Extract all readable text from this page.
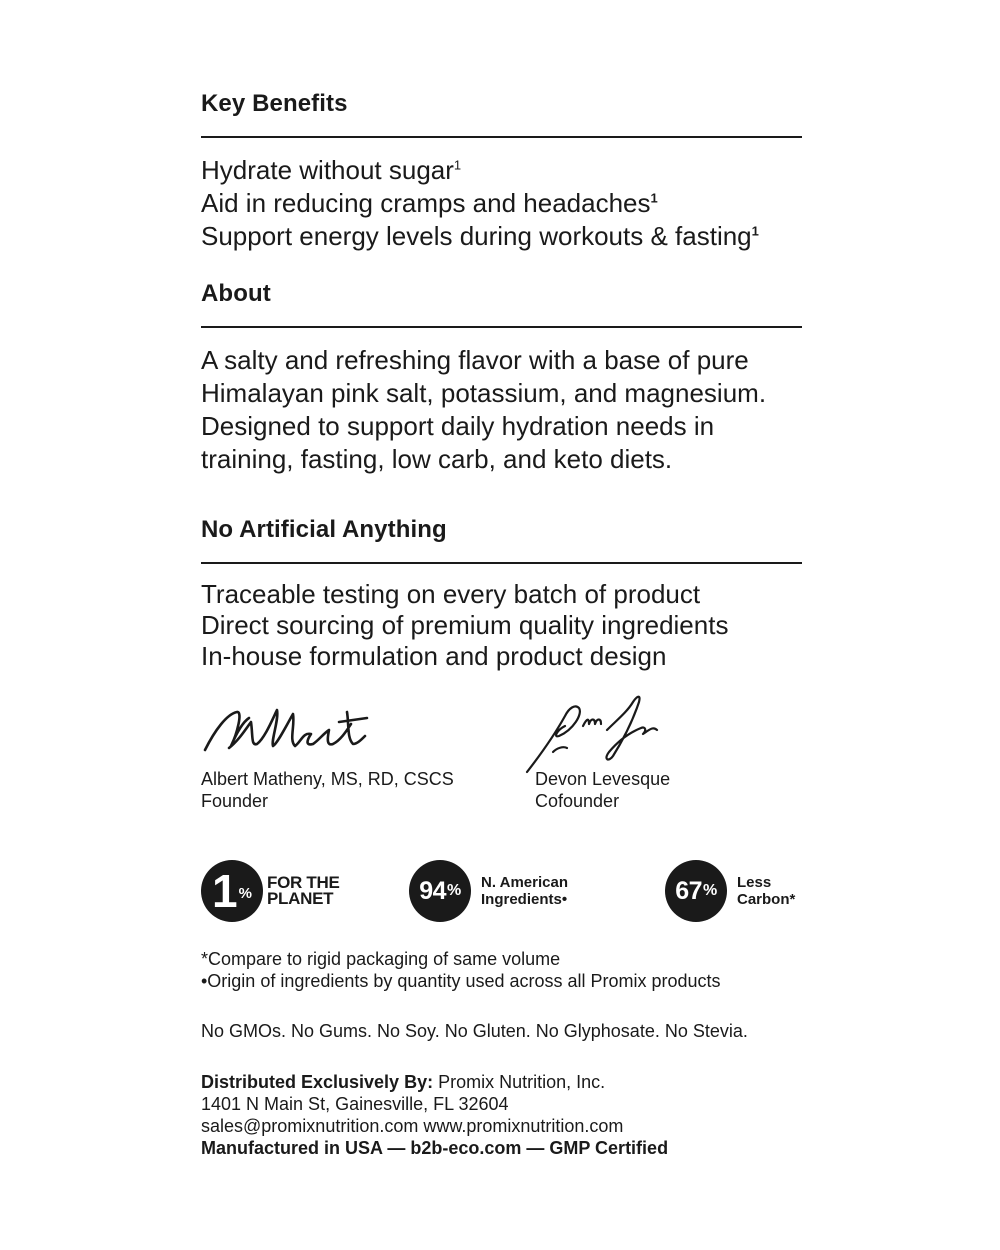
Key Benefits
Hydrate without sugar$^1$
Aid in reducing cramps and headaches$^1$
Support energy levels during workouts & fasting$^1$
About
A salty and refreshing flavor with a base of pure
Himalayan pink salt, potassium, and magnesium.
Designed to support daily hydration needs in
training, fasting, low carb, and keto diets.
No Artificial Anything
Traceable testing on every batch of product
Direct sourcing of premium quality ingredients
In-house formulation and product design
Albert Matheny, MS, RD, CSCS
Founder
Devon Levesque
Cofounder
1 %
FOR THE
PLANET	94 % N. American
Ingredients•	67 % Less
Carbon*
*Compare to rigid packaging of same volume
•Origin of ingredients by quantity used across all Promix products
No GMOs. No Gums. No Soy. No Gluten. No Glyphosate. No Stevia.
Distributed Exclusively By: Promix Nutrition, Inc.
1401 N Main St, Gainesville, FL 32604
sales@promixnutrition.com www.promixnutrition.com
Manufactured in USA — b2b-eco.com — GMP Certified
